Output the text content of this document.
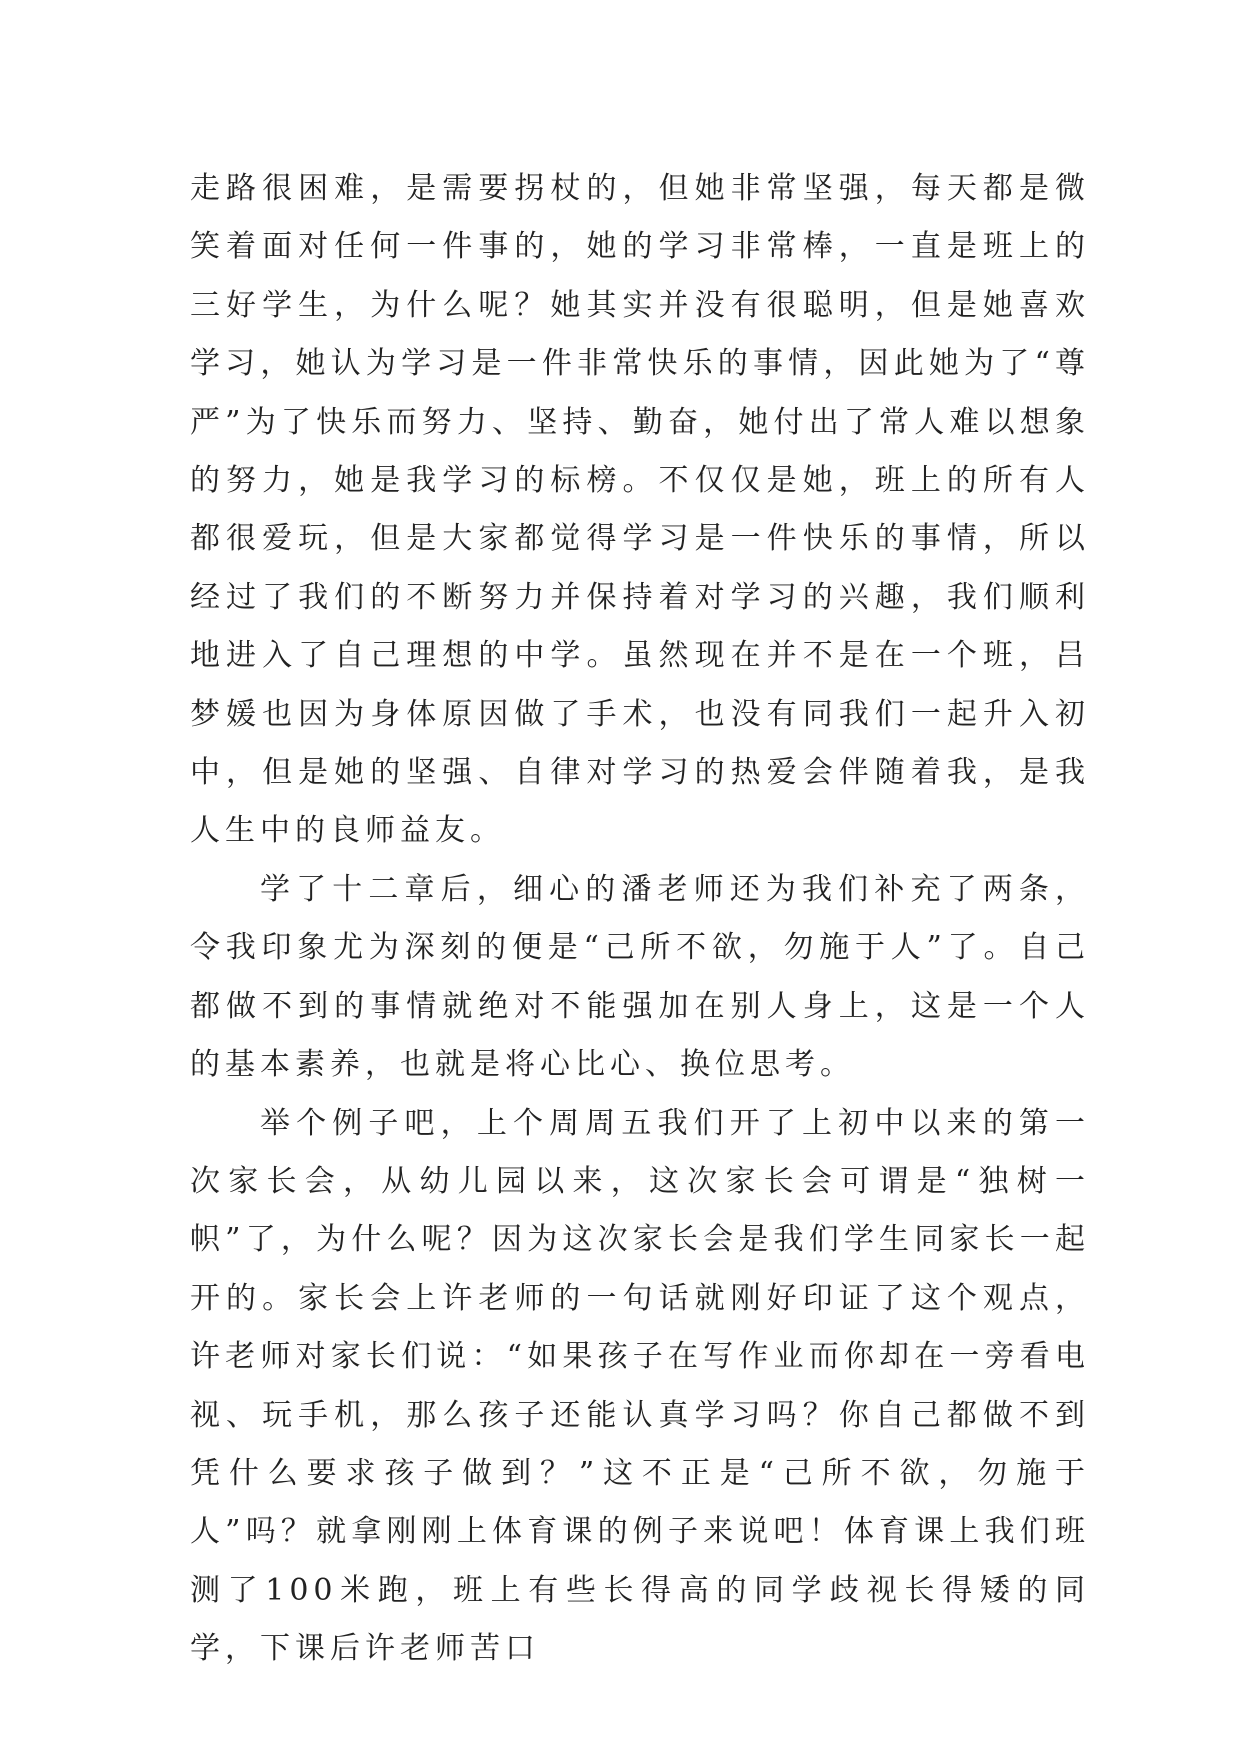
走路很困难，是需要拐杖的，但她非常坚强，每天都是微笑着面对任何一件事的，她的学习非常棒，一直是班上的三好学生，为什么呢？她其实并没有很聪明，但是她喜欢学习，她认为学习是一件非常快乐的事情，因此她为了“尊严”为了快乐而努力、坚持、勤奋，她付出了常人难以想象的努力，她是我学习的标榜。不仅仅是她，班上的所有人都很爱玩，但是大家都觉得学习是一件快乐的事情，所以经过了我们的不断努力并保持着对学习的兴趣，我们顺利地进入了自己理想的中学。虽然现在并不是在一个班，吕梦媛也因为身体原因做了手术，也没有同我们一起升入初中，但是她的坚强、自律对学习的热爱会伴随着我，是我人生中的良师益友。

学了十二章后，细心的潘老师还为我们补充了两条，令我印象尤为深刻的便是“己所不欲，勿施于人”了。自己都做不到的事情就绝对不能强加在别人身上，这是一个人的基本素养，也就是将心比心、换位思考。

举个例子吧，上个周周五我们开了上初中以来的第一次家长会，从幼儿园以来，这次家长会可谓是“独树一帜”了，为什么呢？因为这次家长会是我们学生同家长一起开的。家长会上许老师的一句话就刚好印证了这个观点，许老师对家长们说：“如果孩子在写作业而你却在一旁看电视、玩手机，那么孩子还能认真学习吗？你自己都做不到凭什么要求孩子做到？”这不正是“己所不欲，勿施于人”吗？就拿刚刚上体育课的例子来说吧！体育课上我们班测了100米跑，班上有些长得高的同学歧视长得矮的同学，下课后许老师苦口
